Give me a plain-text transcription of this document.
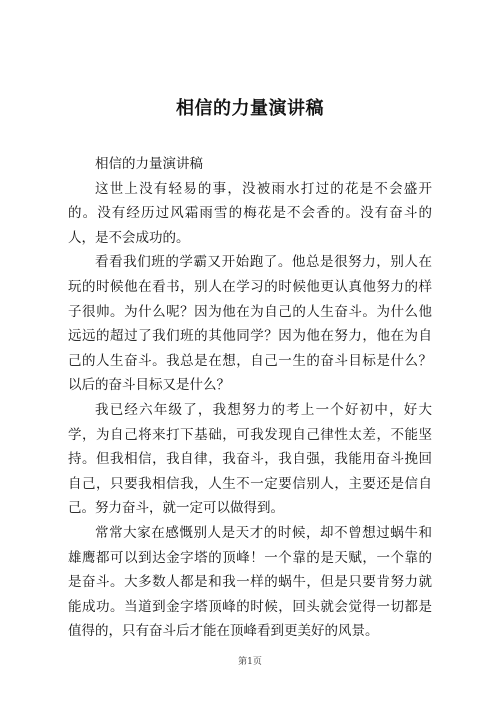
相信的力量演讲稿

相信的力量演讲稿

这世上没有轻易的事，没被雨水打过的花是不会盛开的。没有经历过风霜雨雪的梅花是不会香的。没有奋斗的人，是不会成功的。

看看我们班的学霸又开始跑了。他总是很努力，别人在玩的时候他在看书，别人在学习的时候他更认真他努力的样子很帅。为什么呢？因为他在为自己的人生奋斗。为什么他远远的超过了我们班的其他同学？因为他在努力，他在为自己的人生奋斗。我总是在想，自己一生的奋斗目标是什么？以后的奋斗目标又是什么？

我已经六年级了，我想努力的考上一个好初中，好大学，为自己将来打下基础，可我发现自己律性太差，不能坚持。但我相信，我自律，我奋斗，我自强，我能用奋斗挽回自己，只要我相信我，人生不一定要信别人，主要还是信自己。努力奋斗，就一定可以做得到。

常常大家在感慨别人是天才的时候，却不曾想过蜗牛和雄鹰都可以到达金字塔的顶峰！一个靠的是天赋，一个靠的是奋斗。大多数人都是和我一样的蜗牛，但是只要肯努力就能成功。当道到金字塔顶峰的时候，回头就会觉得一切都是值得的，只有奋斗后才能在顶峰看到更美好的风景。

第1页
